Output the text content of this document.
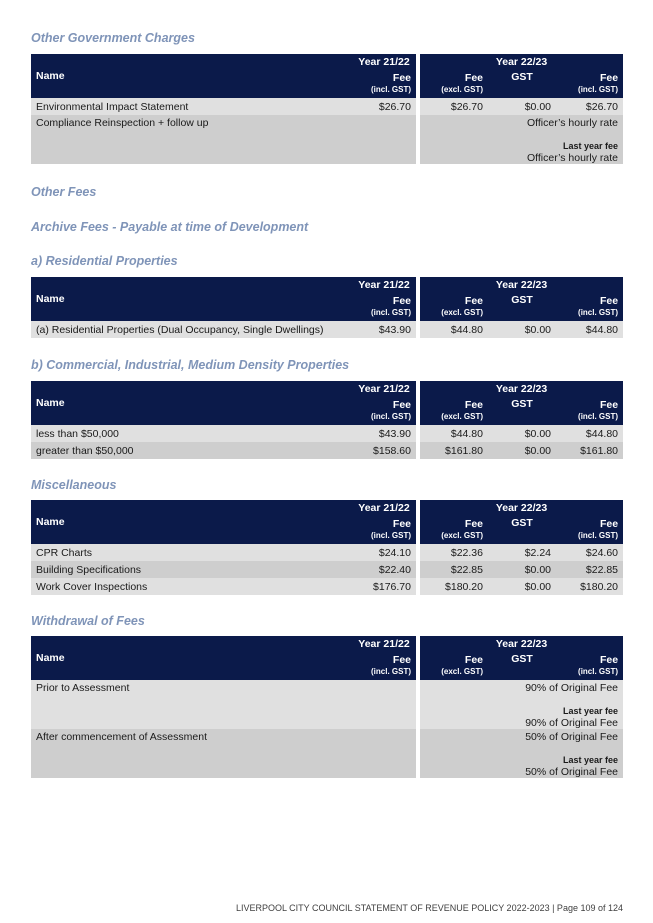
Other Government Charges
Name	Year 21/22	Year 22/23		

	Fee
(incl. GST)	Fee
(excl. GST)	GST	Fee
(incl. GST)

Environmental Impact Statement	$26.70	$26.70	$0.00	$26.70
Compliance Reinspection + follow up		Officer’s hourly rate
Last year fee
Officer’s hourly rate		
Other Fees
Archive Fees - Payable at time of Development
a) Residential Properties
Name	Year 21/22	Year 22/23		

	Fee
(incl. GST)	Fee
(excl. GST)	GST	Fee
(incl. GST)

(a) Residential Properties (Dual Occupancy, Single Dwellings)	$43.90	$44.80	$0.00	$44.80
b) Commercial, Industrial, Medium Density Properties
Name	Year 21/22	Year 22/23		

	Fee
(incl. GST)	Fee
(excl. GST)	GST	Fee
(incl. GST)

less than $50,000	$43.90	$44.80	$0.00	$44.80
greater than $50,000	$158.60	$161.80	$0.00	$161.80
Miscellaneous
Name	Year 21/22	Year 22/23		

	Fee
(incl. GST)	Fee
(excl. GST)	GST	Fee
(incl. GST)

CPR Charts	$24.10	$22.36	$2.24	$24.60
Building Specifications	$22.40	$22.85	$0.00	$22.85
Work Cover Inspections	$176.70	$180.20	$0.00	$180.20
Withdrawal of Fees
Name	Year 21/22	Year 22/23		

	Fee
(incl. GST)	Fee
(excl. GST)	GST	Fee
(incl. GST)

Prior to Assessment		90% of Original Fee
Last year fee
90% of Original Fee		
After commencement of Assessment		50% of Original Fee
Last year fee
50% of Original Fee		
LIVERPOOL CITY COUNCIL STATEMENT OF REVENUE POLICY 2022-2023 | Page 109 of 124
